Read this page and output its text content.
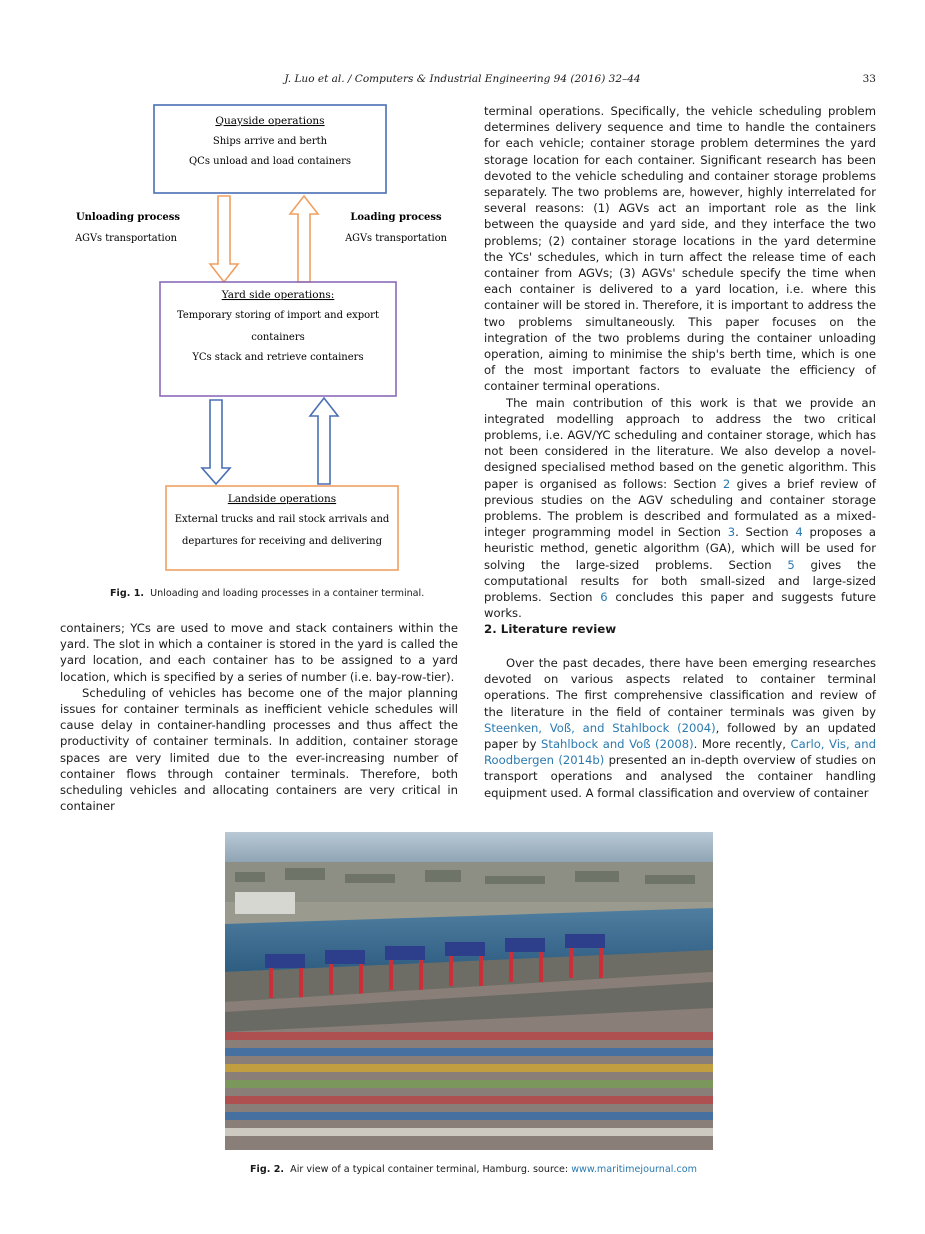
J. Luo et al. / Computers & Industrial Engineering 94 (2016) 32–44	33
Quayside operations
Ships arrive and berth
QCs unload and load containers
Unloading process
AGVs transportation
Loading process
AGVs transportation
Yard side operations:
Temporary storing of import and export
containers
YCs stack and retrieve containers
Landside operations
External trucks and rail stock arrivals and
departures for receiving and delivering
Fig. 1. Unloading and loading processes in a container terminal.

containers; YCs are used to move and stack containers within the yard. The slot in which a container is stored in the yard is called the yard location, and each container has to be assigned to a yard location, which is specified by a series of number (i.e. bay-row-tier).

Scheduling of vehicles has become one of the major planning issues for container terminals as inefficient vehicle schedules will cause delay in container-handling processes and thus affect the productivity of container terminals. In addition, container storage spaces are very limited due to the ever-increasing number of container flows through container terminals. Therefore, both scheduling vehicles and allocating containers are very critical in container

terminal operations. Specifically, the vehicle scheduling problem determines delivery sequence and time to handle the containers for each vehicle; container storage problem determines the yard storage location for each container. Significant research has been devoted to the vehicle scheduling and container storage problems separately. The two problems are, however, highly interrelated for several reasons: (1) AGVs act an important role as the link between the quayside and yard side, and they interface the two problems; (2) container storage locations in the yard determine the YCs' schedules, which in turn affect the release time of each container from AGVs; (3) AGVs' schedule specify the time when each container is delivered to a yard location, i.e. where this container will be stored in. Therefore, it is important to address the two problems simultaneously. This paper focuses on the integration of the two problems during the container unloading operation, aiming to minimise the ship's berth time, which is one of the most important factors to evaluate the efficiency of container terminal operations.

The main contribution of this work is that we provide an integrated modelling approach to address the two critical problems, i.e. AGV/YC scheduling and container storage, which has not been considered in the literature. We also develop a novel-designed specialised method based on the genetic algorithm. This paper is organised as follows: Section 2 gives a brief review of previous studies on the AGV scheduling and container storage problems. The problem is described and formulated as a mixed-integer programming model in Section 3. Section 4 proposes a heuristic method, genetic algorithm (GA), which will be used for solving the large-sized problems. Section 5 gives the computational results for both small-sized and large-sized problems. Section 6 concludes this paper and suggests future works.

2. Literature review

Over the past decades, there have been emerging researches devoted on various aspects related to container terminal operations. The first comprehensive classification and review of the literature in the field of container terminals was given by Steenken, Voß, and Stahlbock (2004), followed by an updated paper by Stahlbock and Voß (2008). More recently, Carlo, Vis, and Roodbergen (2014b) presented an in-depth overview of studies on transport operations and analysed the container handling equipment used. A formal classification and overview of container

Fig. 2. Air view of a typical container terminal, Hamburg. source: www.maritimejournal.com
